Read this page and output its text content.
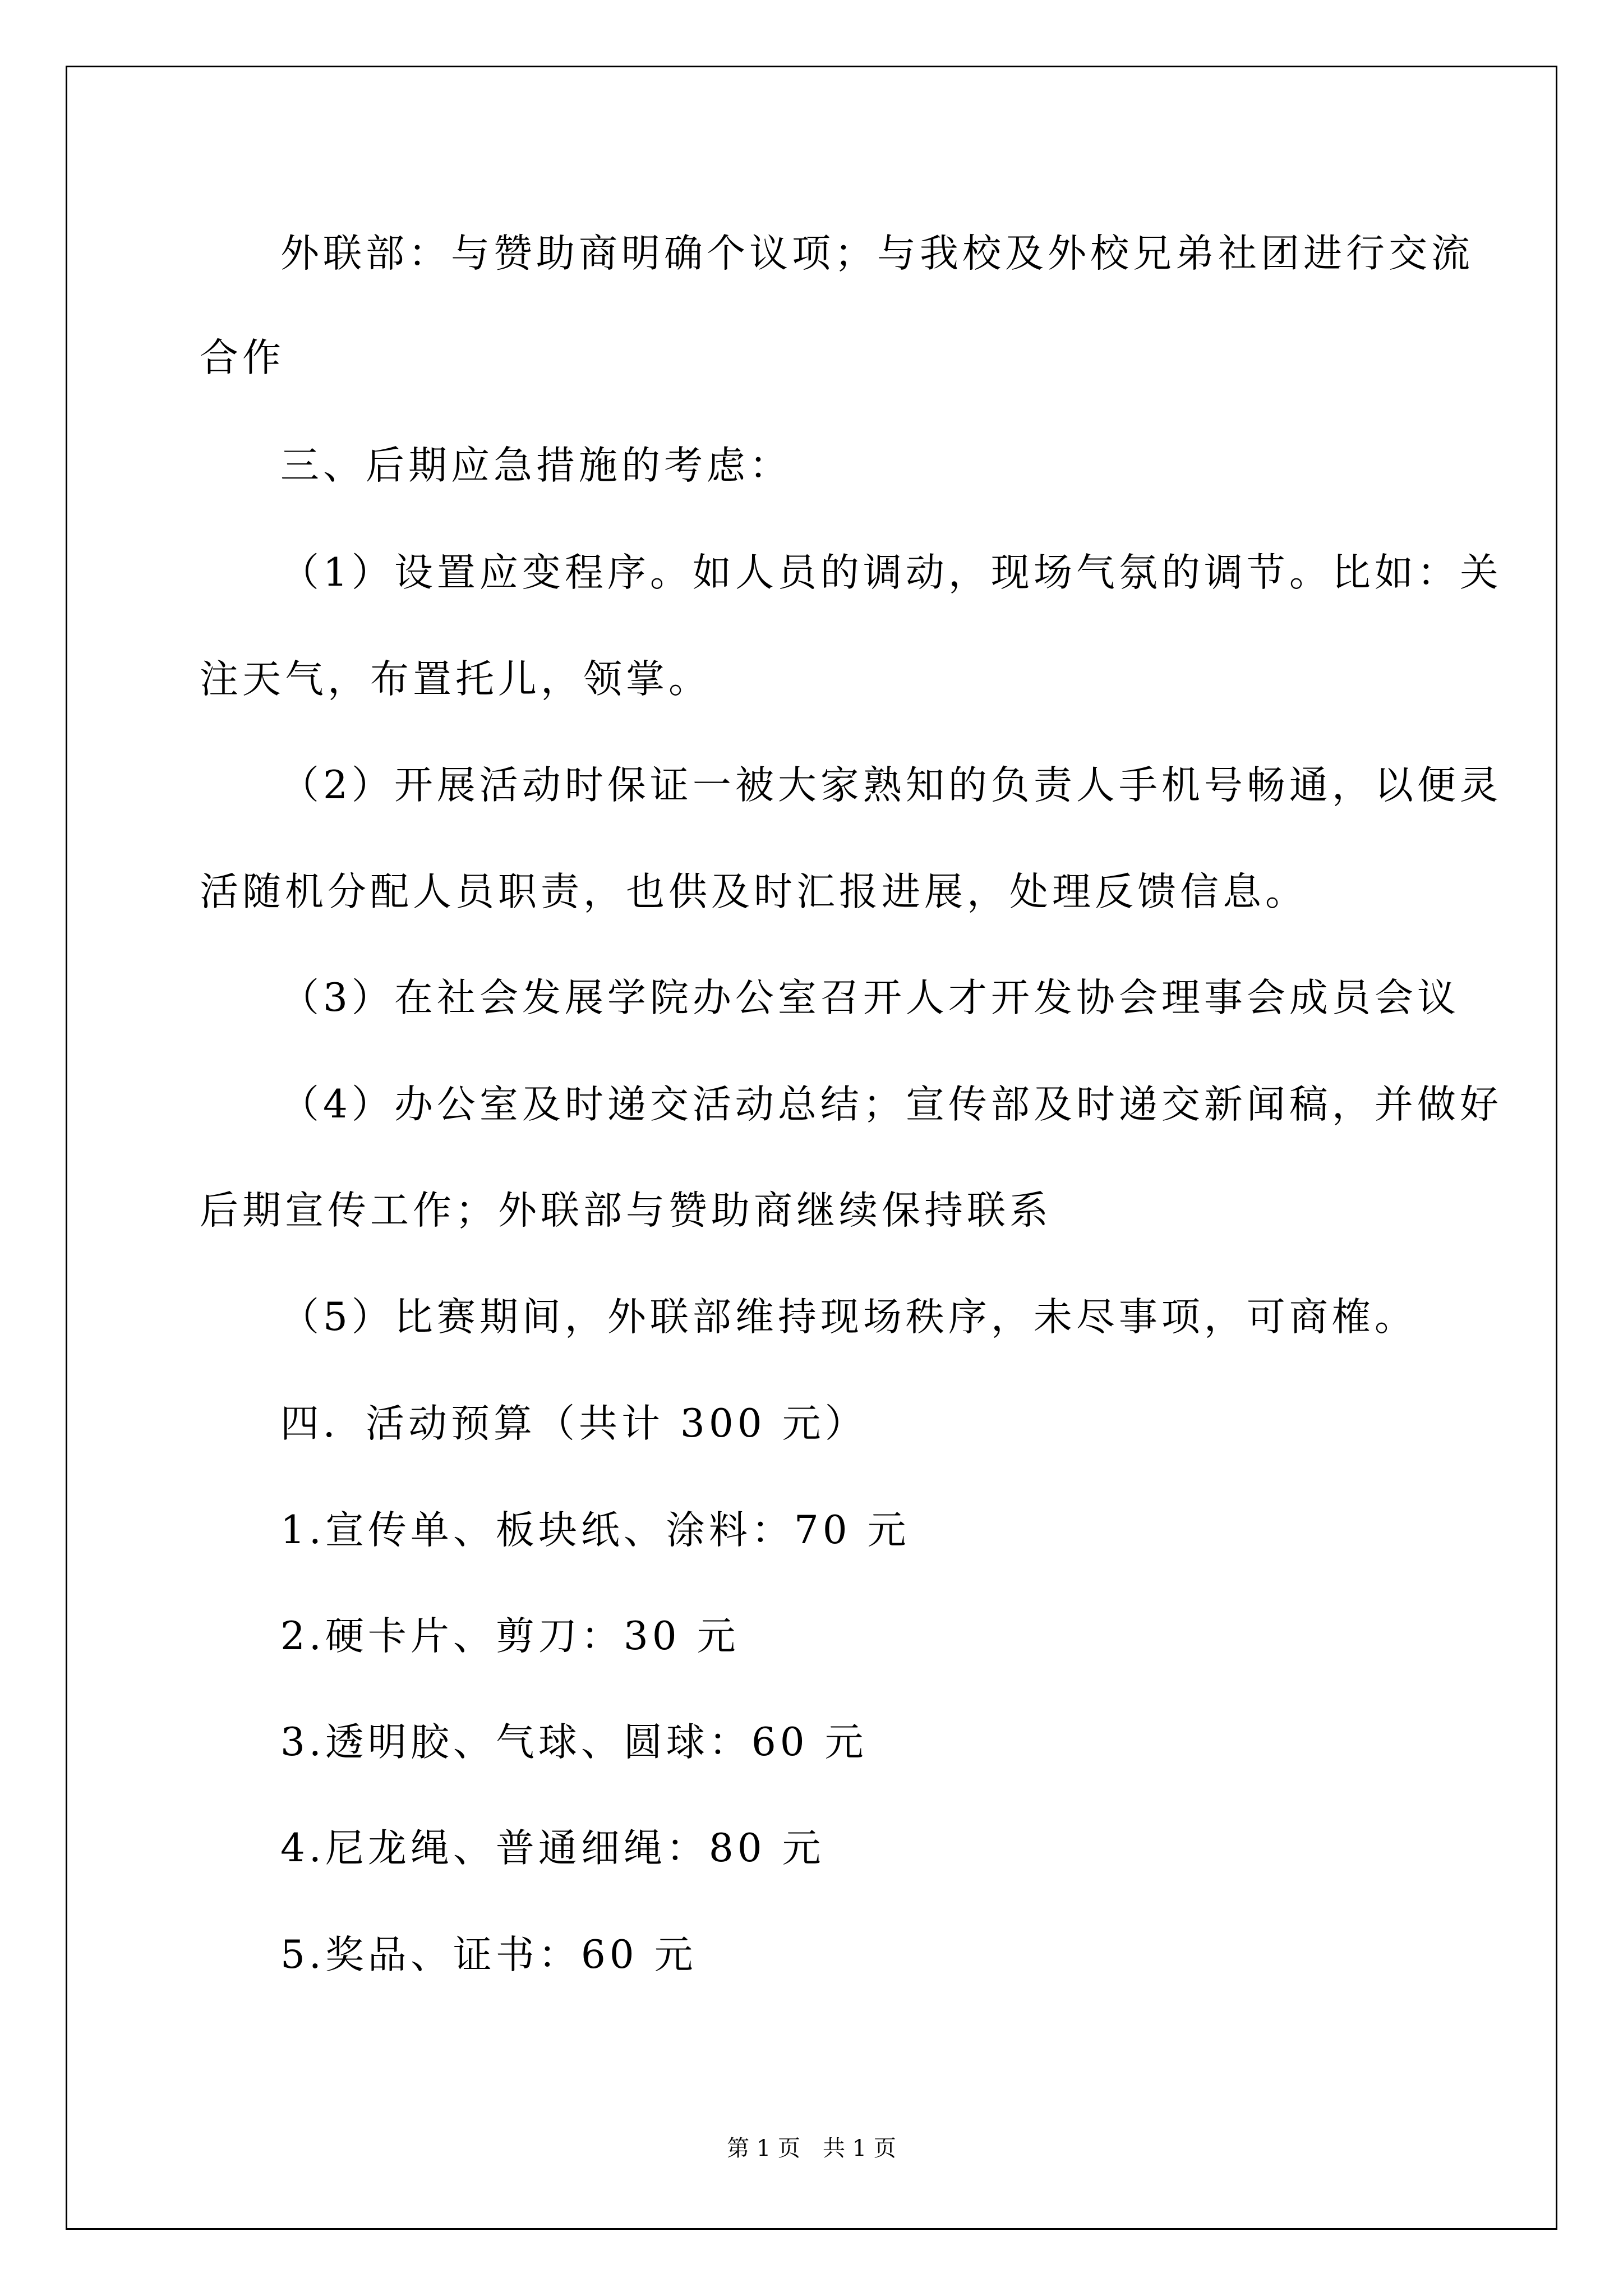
外联部：与赞助商明确个议项；与我校及外校兄弟社团进行交流
合作
三、后期应急措施的考虑：
（1）设置应变程序。如人员的调动，现场气氛的调节。比如：关
注天气，布置托儿，领掌。
（2）开展活动时保证一被大家熟知的负责人手机号畅通，以便灵
活随机分配人员职责，也供及时汇报进展，处理反馈信息。
（3）在社会发展学院办公室召开人才开发协会理事会成员会议
（4）办公室及时递交活动总结；宣传部及时递交新闻稿，并做好
后期宣传工作；外联部与赞助商继续保持联系
（5）比赛期间，外联部维持现场秩序，未尽事项，可商榷。
四．活动预算（共计 300 元）
1.宣传单、板块纸、涂料：70 元
2.硬卡片、剪刀：30 元
3.透明胶、气球、圆球：60 元
4.尼龙绳、普通细绳：80 元
5.奖品、证书：60 元
第 1 页 共 1 页
